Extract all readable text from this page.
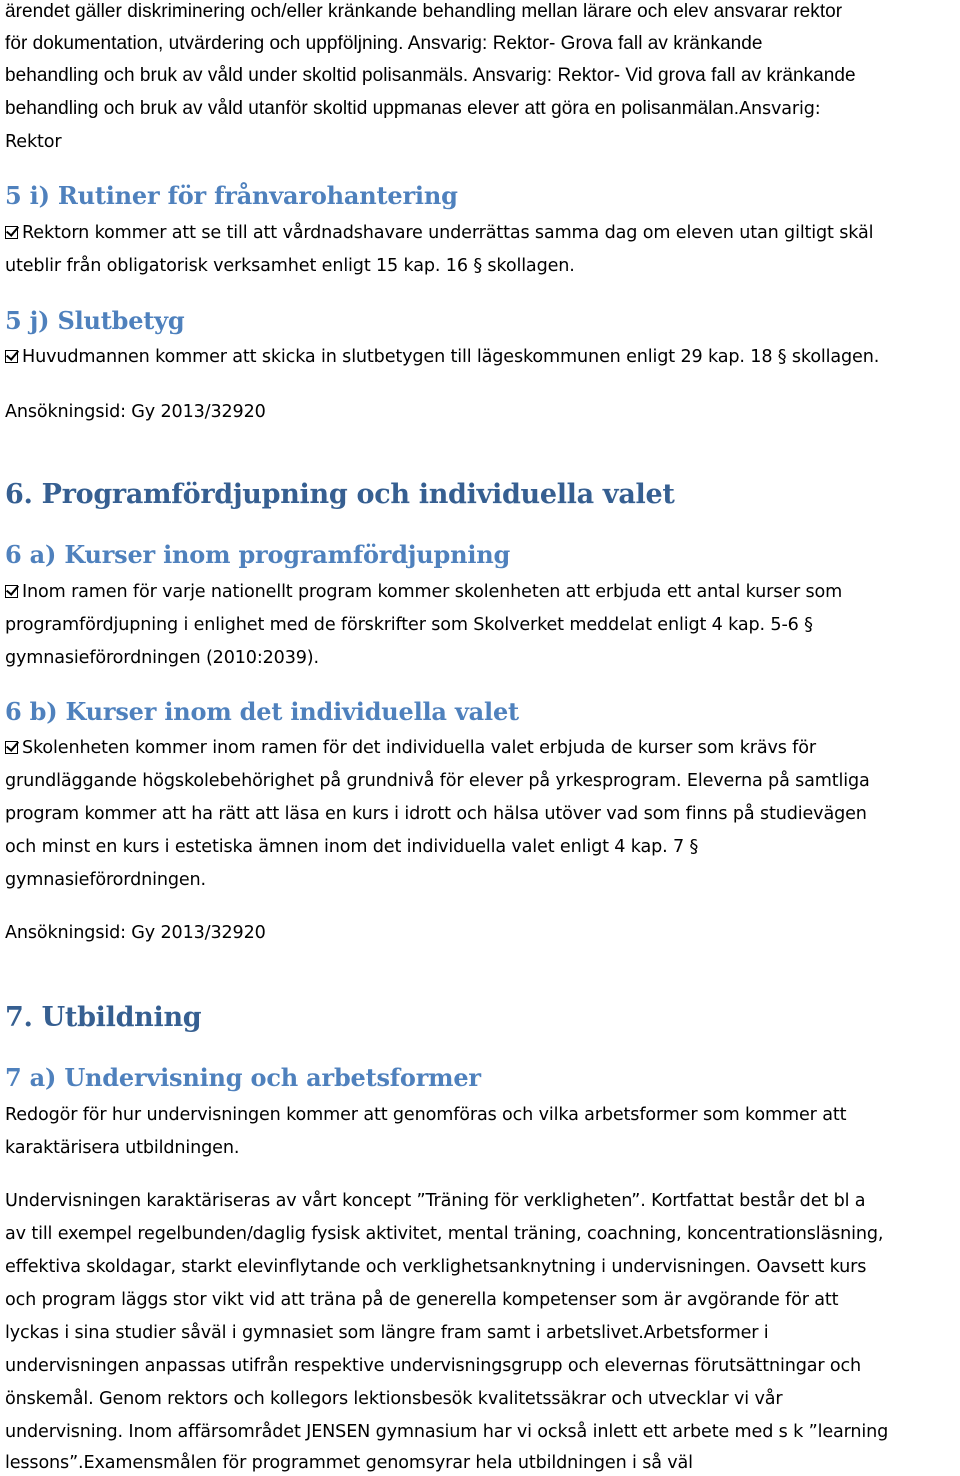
ärendet gäller diskriminering och/eller kränkande behandling mellan lärare och elev ansvarar rektor
för dokumentation, utvärdering och uppföljning. Ansvarig: Rektor- Grova fall av kränkande
behandling och bruk av våld under skoltid polisanmäls. Ansvarig: Rektor- Vid grova fall av kränkande
behandling och bruk av våld utanför skoltid uppmanas elever att göra en polisanmälan.Ansvarig:
Rektor
5 i) Rutiner för frånvarohantering
Rektorn kommer att se till att vårdnadshavare underrättas samma dag om eleven utan giltigt skäl
uteblir från obligatorisk verksamhet enligt 15 kap. 16 § skollagen.
5 j) Slutbetyg
Huvudmannen kommer att skicka in slutbetygen till lägeskommunen enligt 29 kap. 18 § skollagen.
Ansökningsid: Gy 2013/32920
6. Programfördjupning och individuella valet
6 a) Kurser inom programfördjupning
Inom ramen för varje nationellt program kommer skolenheten att erbjuda ett antal kurser som
programfördjupning i enlighet med de förskrifter som Skolverket meddelat enligt 4 kap. 5-6 §
gymnasieförordningen (2010:2039).
6 b) Kurser inom det individuella valet
Skolenheten kommer inom ramen för det individuella valet erbjuda de kurser som krävs för
grundläggande högskolebehörighet på grundnivå för elever på yrkesprogram. Eleverna på samtliga
program kommer att ha rätt att läsa en kurs i idrott och hälsa utöver vad som finns på studievägen
och minst en kurs i estetiska ämnen inom det individuella valet enligt 4 kap. 7 §
gymnasieförordningen.
Ansökningsid: Gy 2013/32920
7. Utbildning
7 a) Undervisning och arbetsformer
Redogör för hur undervisningen kommer att genomföras och vilka arbetsformer som kommer att
karaktärisera utbildningen.
Undervisningen karaktäriseras av vårt koncept ”Träning för verkligheten”. Kortfattat består det bl a
av till exempel regelbunden/daglig fysisk aktivitet, mental träning, coachning, koncentrationsläsning,
effektiva skoldagar, starkt elevinflytande och verklighetsanknytning i undervisningen. Oavsett kurs
och program läggs stor vikt vid att träna på de generella kompetenser som är avgörande för att
lyckas i sina studier såväl i gymnasiet som längre fram samt i arbetslivet.Arbetsformer i
undervisningen anpassas utifrån respektive undervisningsgrupp och elevernas förutsättningar och
önskemål. Genom rektors och kollegors lektionsbesök kvalitetssäkrar och utvecklar vi vår
undervisning. Inom affärsområdet JENSEN gymnasium har vi också inlett ett arbete med s k ”learning
lessons”.Examensmålen för programmet genomsyrar hela utbildningen i så väl
